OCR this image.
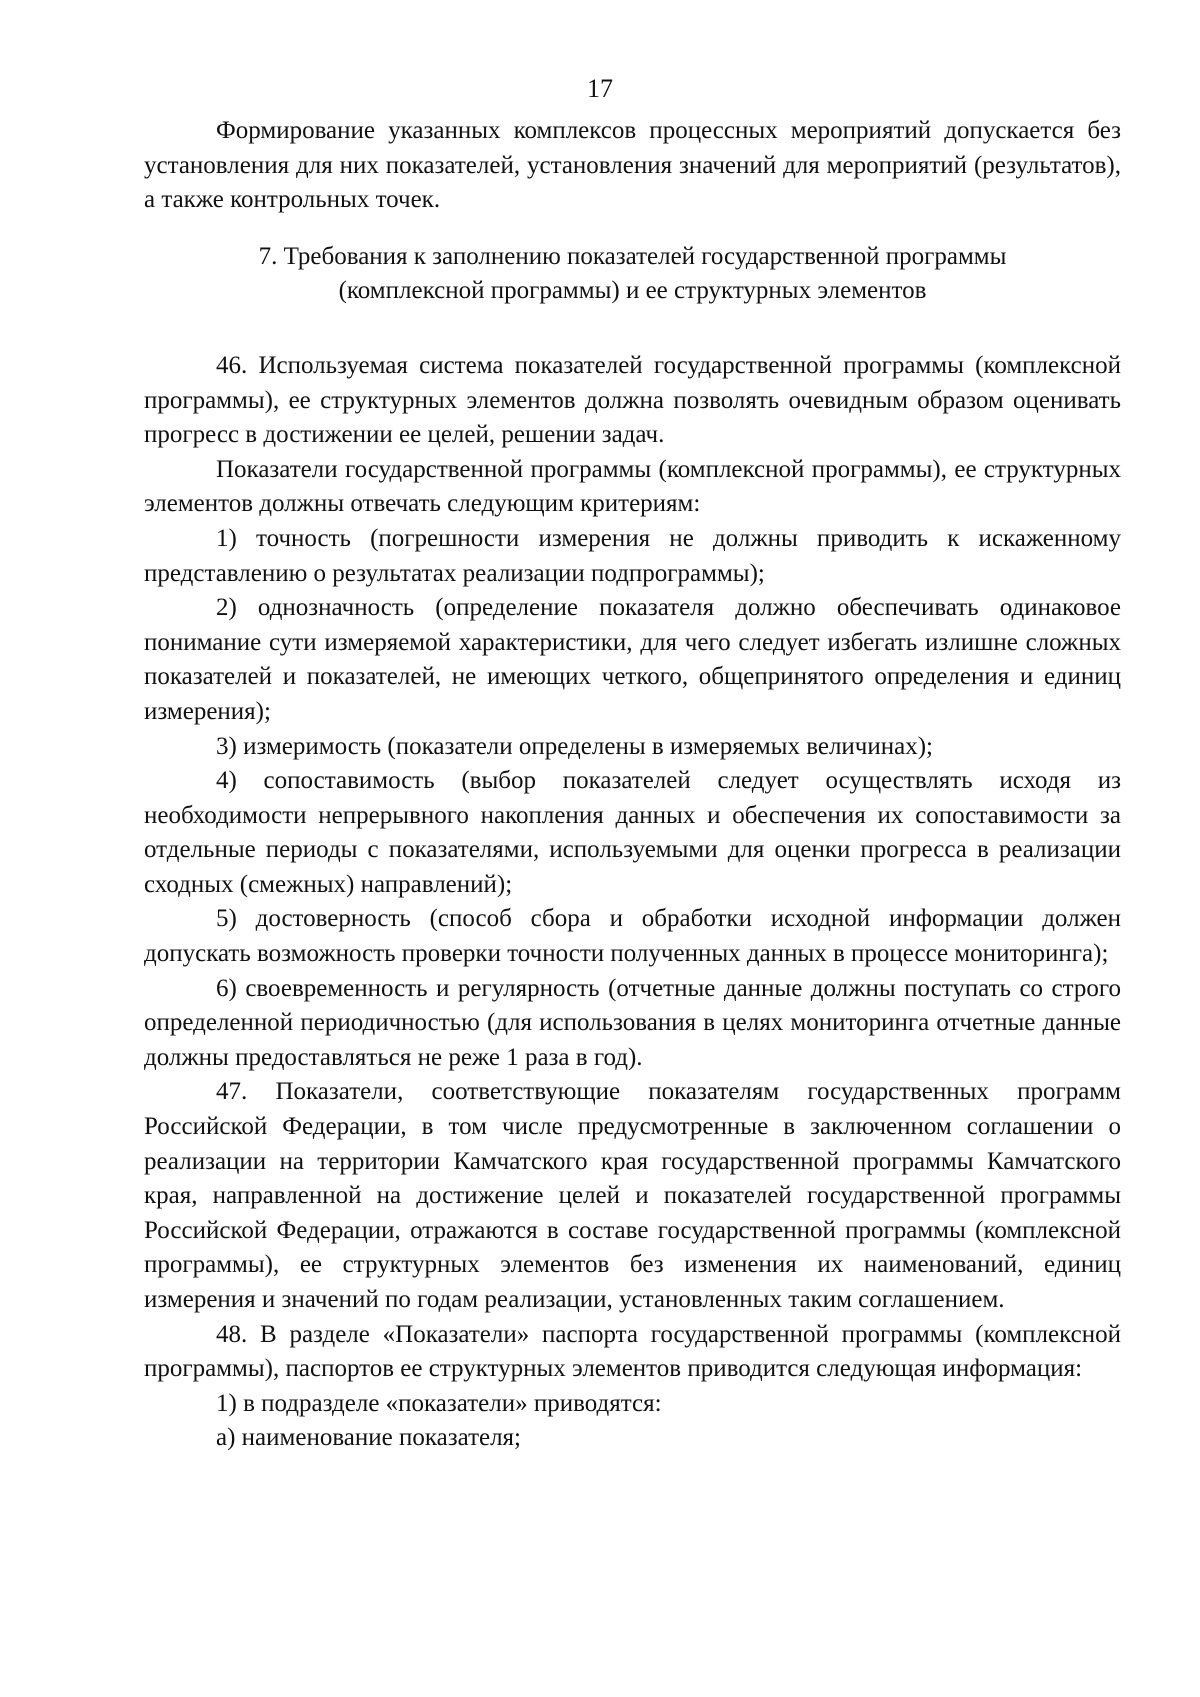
17

Формирование указанных комплексов процессных мероприятий допускается без установления для них показателей, установления значений для мероприятий (результатов), а также контрольных точек.

7. Требования к заполнению показателей государственной программы

(комплексной программы) и ее структурных элементов

46. Используемая система показателей государственной программы (комплексной программы), ее структурных элементов должна позволять очевидным образом оценивать прогресс в достижении ее целей, решении задач.

Показатели государственной программы (комплексной программы), ее структурных элементов должны отвечать следующим критериям:

1) точность (погрешности измерения не должны приводить к искаженному представлению о результатах реализации подпрограммы);

2) однозначность (определение показателя должно обеспечивать одинаковое понимание сути измеряемой характеристики, для чего следует избегать излишне сложных показателей и показателей, не имеющих четкого, общепринятого определения и единиц измерения);

3) измеримость (показатели определены в измеряемых величинах);

4) сопоставимость (выбор показателей следует осуществлять исходя из необходимости непрерывного накопления данных и обеспечения их сопоставимости за отдельные периоды с показателями, используемыми для оценки прогресса в реализации сходных (смежных) направлений);

5) достоверность (способ сбора и обработки исходной информации должен допускать возможность проверки точности полученных данных в процессе мониторинга);

6) своевременность и регулярность (отчетные данные должны поступать со строго определенной периодичностью (для использования в целях мониторинга отчетные данные должны предоставляться не реже 1 раза в год).

47. Показатели, соответствующие показателям государственных программ Российской Федерации, в том числе предусмотренные в заключенном соглашении о реализации на территории Камчатского края государственной программы Камчатского края, направленной на достижение целей и показателей государственной программы Российской Федерации, отражаются в составе государственной программы (комплексной программы), ее структурных элементов без изменения их наименований, единиц измерения и значений по годам реализации, установленных таким соглашением.

48. В разделе «Показатели» паспорта государственной программы (комплексной программы), паспортов ее структурных элементов приводится следующая информация:

1) в подразделе «показатели» приводятся:

а) наименование показателя;
